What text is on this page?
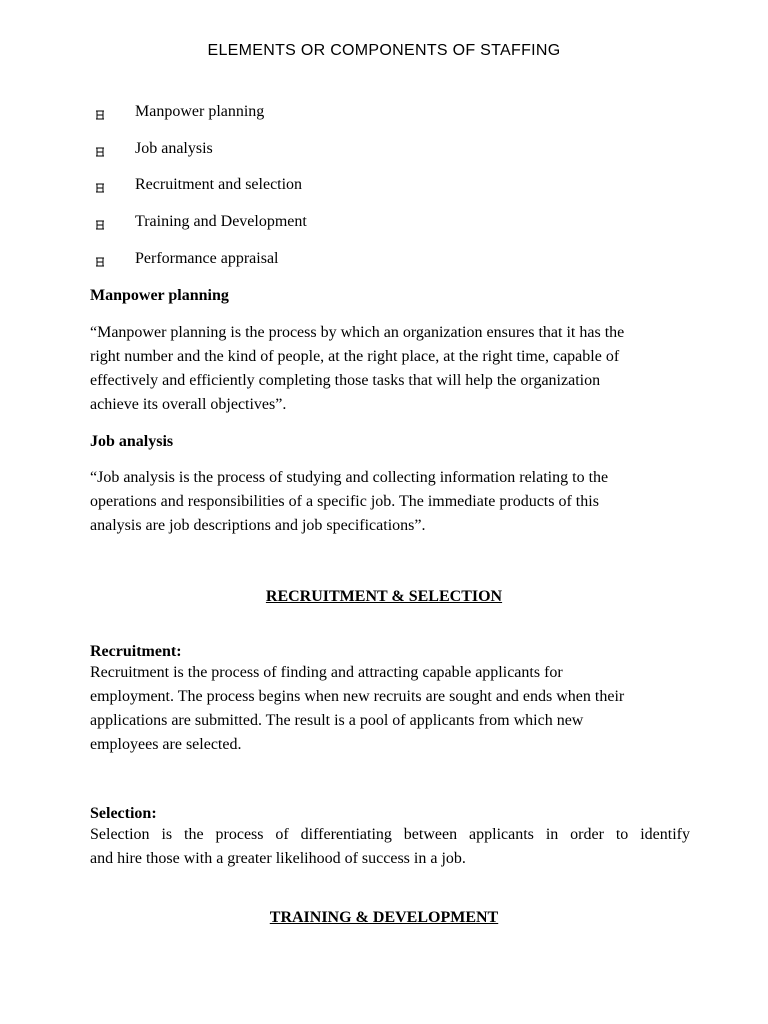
ELEMENTS OR COMPONENTS OF STAFFING
Manpower planning
Job analysis
Recruitment and selection
Training and Development
Performance appraisal
Manpower planning
“Manpower planning is the process by which an organization ensures that it has the
right number and the kind of people, at the right place, at the right time, capable of
effectively and efficiently completing those tasks that will help the organization
achieve its overall objectives”.
Job analysis
“Job analysis is the process of studying and collecting information relating to the
operations and responsibilities of a specific job. The immediate products of this
analysis are job descriptions and job specifications”.
RECRUITMENT & SELECTION
Recruitment:
Recruitment is the process of finding and attracting capable applicants for
employment. The process begins when new recruits are sought and ends when their
applications are submitted. The result is a pool of applicants from which new
employees are selected.
Selection:
Selection is the process of differentiating between applicants in order to identify
and hire those with a greater likelihood of success in a job.
TRAINING & DEVELOPMENT
